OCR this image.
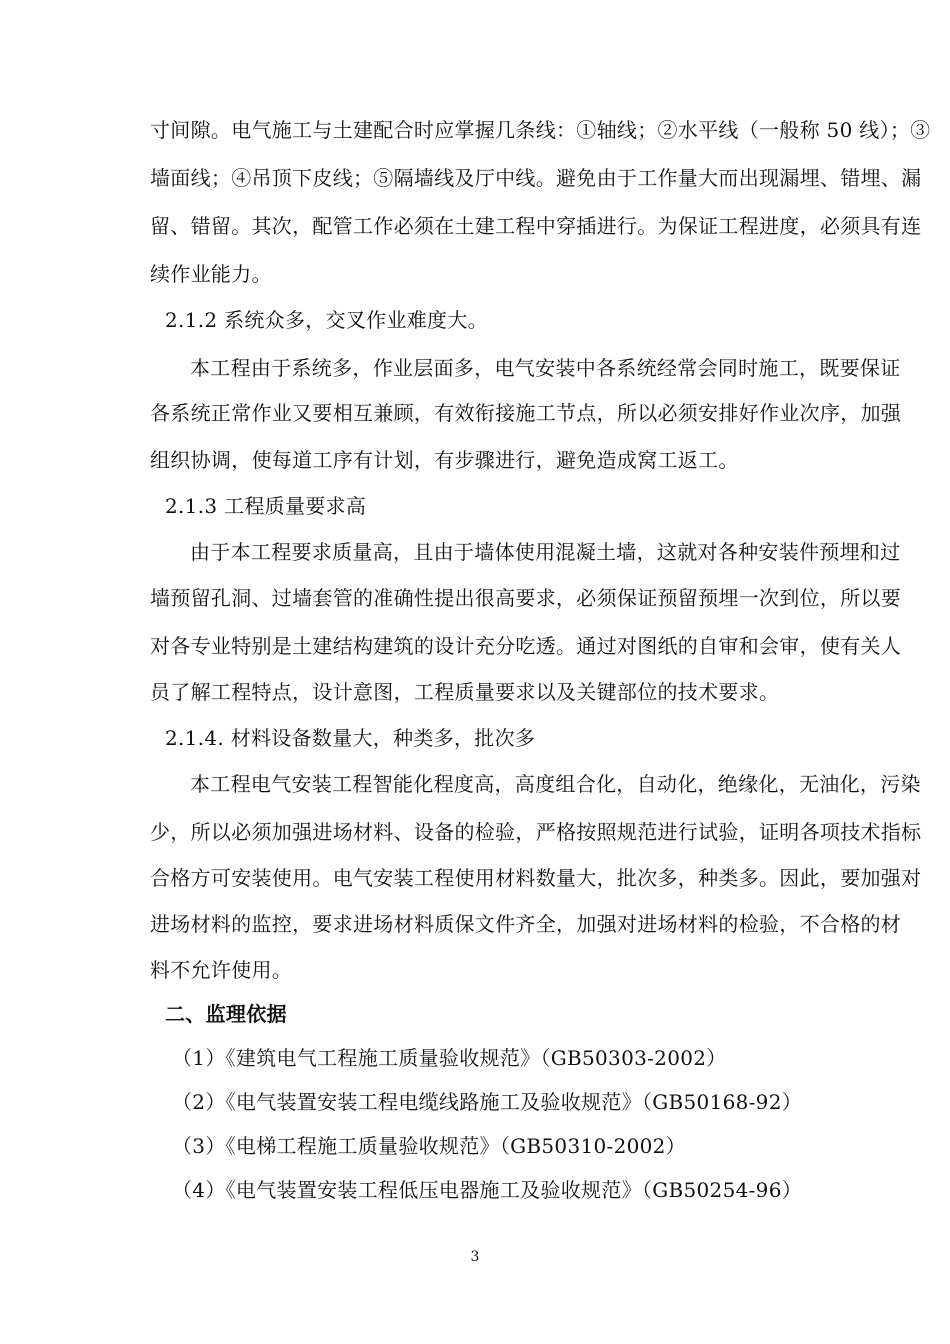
寸间隙。电气施工与土建配合时应掌握几条线：①轴线；②水平线（一般称 50 线）；③
墙面线；④吊顶下皮线；⑤隔墙线及厅中线。避免由于工作量大而出现漏埋、错埋、漏
留、错留。其次，配管工作必须在土建工程中穿插进行。为保证工程进度，必须具有连
续作业能力。
2.1.2 系统众多，交叉作业难度大。
本工程由于系统多，作业层面多，电气安装中各系统经常会同时施工，既要保证
各系统正常作业又要相互兼顾，有效衔接施工节点，所以必须安排好作业次序，加强
组织协调，使每道工序有计划，有步骤进行，避免造成窝工返工。
2.1.3 工程质量要求高
由于本工程要求质量高，且由于墙体使用混凝土墙，这就对各种安装件预埋和过
墙预留孔洞、过墙套管的准确性提出很高要求，必须保证预留预埋一次到位，所以要
对各专业特别是土建结构建筑的设计充分吃透。通过对图纸的自审和会审，使有关人
员了解工程特点，设计意图，工程质量要求以及关键部位的技术要求。
2.1.4. 材料设备数量大，种类多，批次多
本工程电气安装工程智能化程度高，高度组合化，自动化，绝缘化，无油化，污染
少，所以必须加强进场材料、设备的检验，严格按照规范进行试验，证明各项技术指标
合格方可安装使用。电气安装工程使用材料数量大，批次多，种类多。因此，要加强对
进场材料的监控，要求进场材料质保文件齐全，加强对进场材料的检验，不合格的材
料不允许使用。
二、监理依据
（1）《建筑电气工程施工质量验收规范》（GB50303-2002）
（2）《电气装置安装工程电缆线路施工及验收规范》（GB50168-92）
（3）《电梯工程施工质量验收规范》（GB50310-2002）
（4）《电气装置安装工程低压电器施工及验收规范》（GB50254-96）
3
